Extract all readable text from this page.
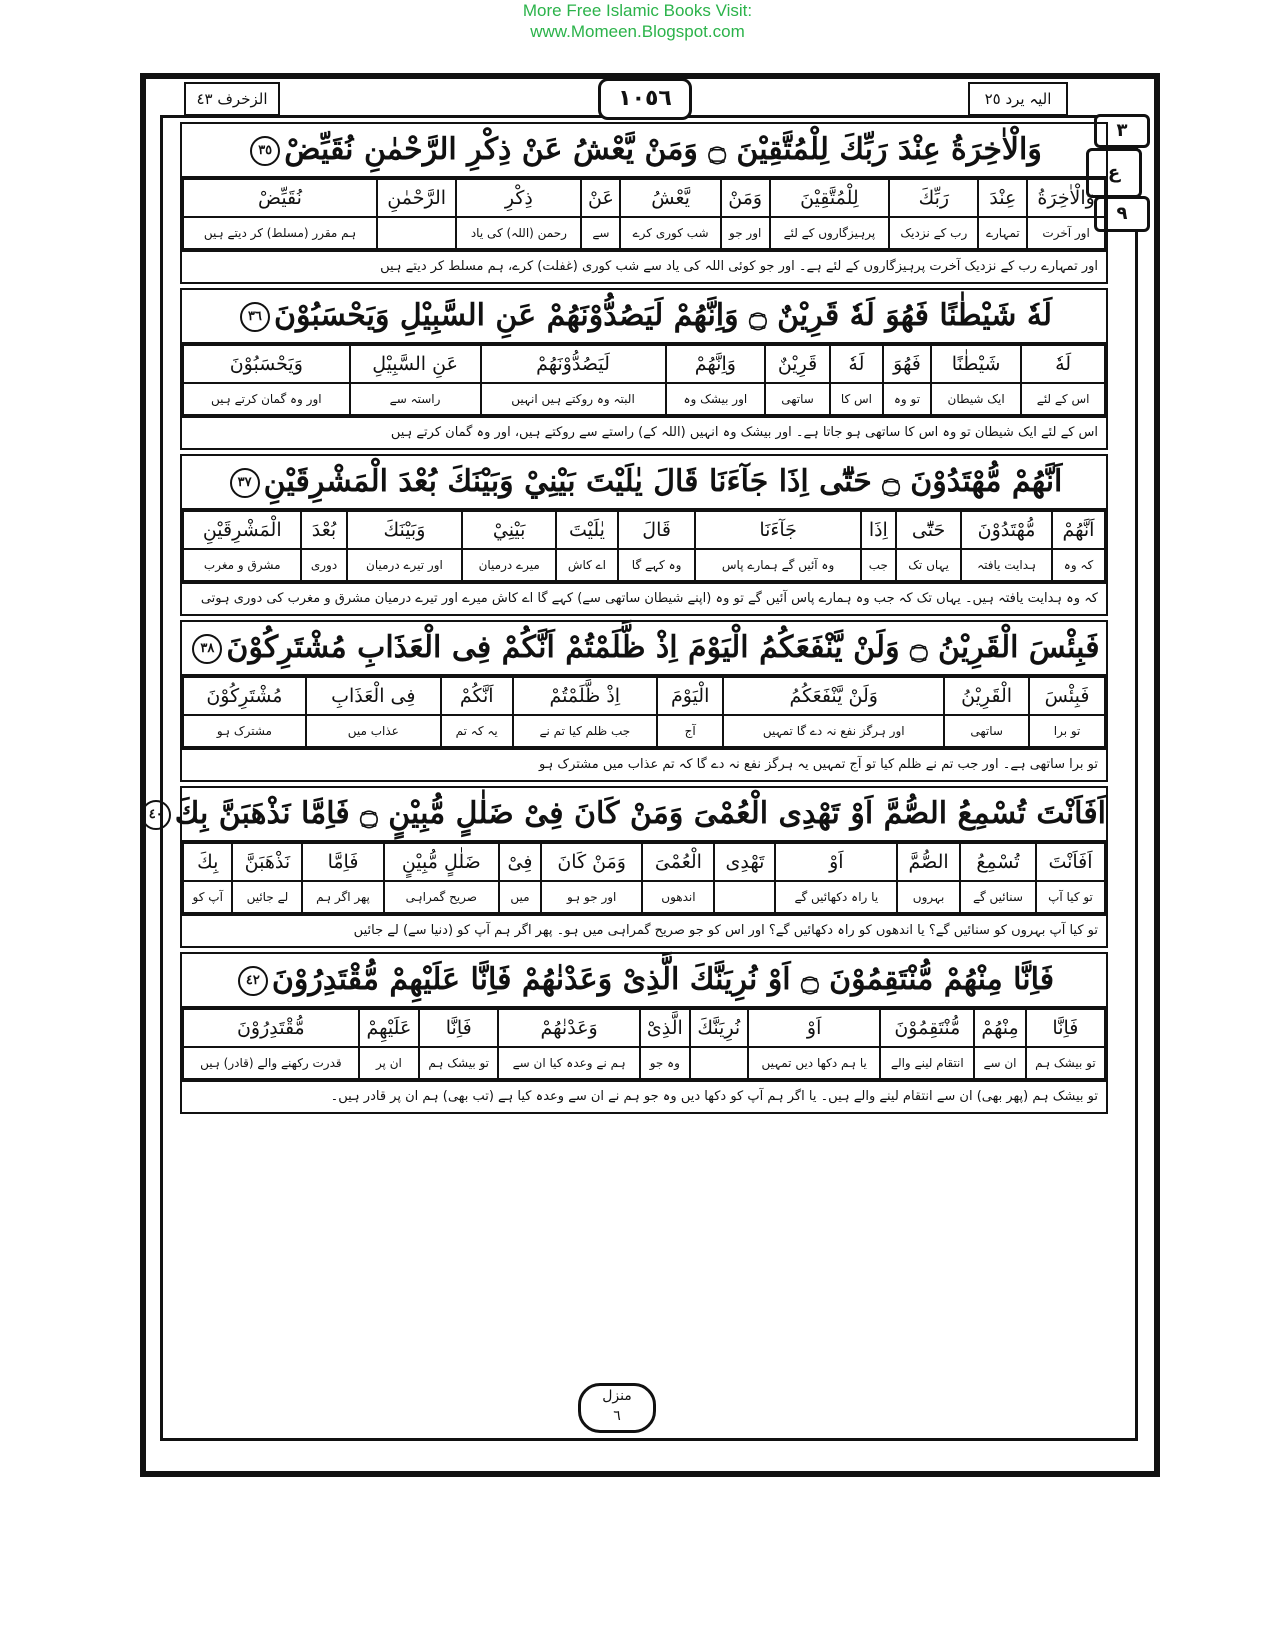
More Free Islamic Books Visit:
www.Momeen.Blogspot.com
الزخرف ٤٣	١٠٥٦	الیہ یرد ٢٥
٣
ع
٩
وَالْاٰخِرَةُ عِنْدَ رَبِّكَ لِلْمُتَّقِيْنَ ۝ وَمَنْ يَّعْشُ عَنْ ذِكْرِ الرَّحْمٰنِ نُقَيِّضْ٣٥
وَالْاٰخِرَةُ	عِنْدَ	رَبِّكَ	لِلْمُتَّقِيْنَ	وَمَنْ	يَّعْشُ	عَنْ	ذِكْرِ	الرَّحْمٰنِ	نُقَيِّضْ
اور آخرت	تمہارے	رب کے نزدیک	پرہیزگاروں کے لئے	اور جو	شب کوری کرے	سے	رحمن (اللہ) کی یاد		ہم مقرر (مسلط) کر دیتے ہیں
اور تمہارے رب کے نزدیک آخرت پرہیزگاروں کے لئے ہے۔ اور جو کوئی اللہ کی یاد سے شب کوری (غفلت) کرے، ہم مسلط کر دیتے ہیں
لَهٗ شَيْطٰنًا فَهُوَ لَهٗ قَرِيْنٌ ۝ وَاِنَّهُمْ لَيَصُدُّوْنَهُمْ عَنِ السَّبِيْلِ وَيَحْسَبُوْنَ٣٦
لَهٗ	شَيْطٰنًا	فَهُوَ	لَهٗ	قَرِيْنٌ	وَاِنَّهُمْ	لَيَصُدُّوْنَهُمْ	عَنِ السَّبِيْلِ	وَيَحْسَبُوْنَ
اس کے لئے	ایک شیطان	تو وہ	اس کا	ساتھی	اور بیشک وہ	البتہ وہ روکتے ہیں انہیں	راستہ سے	اور وہ گمان کرتے ہیں
اس کے لئے ایک شیطان تو وہ اس کا ساتھی ہو جاتا ہے۔ اور بیشک وہ انہیں (اللہ کے) راستے سے روکتے ہیں، اور وہ گمان کرتے ہیں
اَنَّهُمْ مُّهْتَدُوْنَ ۝ حَتّٰٓى اِذَا جَآءَنَا قَالَ يٰلَيْتَ بَيْنِيْ وَبَيْنَكَ بُعْدَ الْمَشْرِقَيْنِ٣٧
اَنَّهُمْ	مُّهْتَدُوْنَ	حَتّٰٓى	اِذَا	جَآءَنَا	قَالَ	يٰلَيْتَ	بَيْنِيْ	وَبَيْنَكَ	بُعْدَ	الْمَشْرِقَيْنِ
کہ وہ	ہدایت یافتہ	یہاں تک	جب	وہ آئیں گے ہمارے پاس	وہ کہے گا	اے کاش	میرے درمیان	اور تیرے درمیان	دوری	مشرق و مغرب
کہ وہ ہدایت یافتہ ہیں۔ یہاں تک کہ جب وہ ہمارے پاس آئیں گے تو وہ (اپنے شیطان ساتھی سے) کہے گا اے کاش میرے اور تیرے درمیان مشرق و مغرب کی دوری ہوتی
فَبِئْسَ الْقَرِيْنُ ۝ وَلَنْ يَّنْفَعَكُمُ الْيَوْمَ اِذْ ظَّلَمْتُمْ اَنَّكُمْ فِى الْعَذَابِ مُشْتَرِكُوْنَ٣٨
فَبِئْسَ	الْقَرِيْنُ	وَلَنْ يَّنْفَعَكُمُ	الْيَوْمَ	اِذْ ظَّلَمْتُمْ	اَنَّكُمْ	فِى الْعَذَابِ	مُشْتَرِكُوْنَ
تو برا	ساتھی	اور ہرگز نفع نہ دے گا تمہیں	آج	جب ظلم کیا تم نے	یہ کہ تم	عذاب میں	مشترک ہو
تو برا ساتھی ہے۔ اور جب تم نے ظلم کیا تو آج تمہیں یہ ہرگز نفع نہ دے گا کہ تم عذاب میں مشترک ہو
اَفَاَنْتَ تُسْمِعُ الصُّمَّ اَوْ تَهْدِى الْعُمْىَ وَمَنْ كَانَ فِىْ ضَلٰلٍ مُّبِيْنٍ ۝ فَاِمَّا نَذْهَبَنَّ بِكَ٤٠
اَفَاَنْتَ	تُسْمِعُ	الصُّمَّ	اَوْ	تَهْدِى	الْعُمْىَ	وَمَنْ كَانَ	فِىْ	ضَلٰلٍ مُّبِيْنٍ	فَاِمَّا	نَذْهَبَنَّ	بِكَ
تو کیا آپ	سنائیں گے	بہروں	یا راہ دکھائیں گے		اندھوں	اور جو ہو	میں	صریح گمراہی	پھر اگر ہم	لے جائیں	آپ کو
تو کیا آپ بہروں کو سنائیں گے؟ یا اندھوں کو راہ دکھائیں گے؟ اور اس کو جو صریح گمراہی میں ہو۔ پھر اگر ہم آپ کو (دنیا سے) لے جائیں
فَاِنَّا مِنْهُمْ مُّنْتَقِمُوْنَ ۝ اَوْ نُرِيَنَّكَ الَّذِىْ وَعَدْنٰهُمْ فَاِنَّا عَلَيْهِمْ مُّقْتَدِرُوْنَ٤٢
فَاِنَّا	مِنْهُمْ	مُّنْتَقِمُوْنَ	اَوْ	نُرِيَنَّكَ	الَّذِىْ	وَعَدْنٰهُمْ	فَاِنَّا	عَلَيْهِمْ	مُّقْتَدِرُوْنَ
تو بیشک ہم	ان سے	انتقام لینے والے	یا ہم دکھا دیں تمہیں		وہ جو	ہم نے وعدہ کیا ان سے	تو بیشک ہم	ان پر	قدرت رکھنے والے (قادر) ہیں
تو بیشک ہم (پھر بھی) ان سے انتقام لینے والے ہیں۔ یا اگر ہم آپ کو دکھا دیں وہ جو ہم نے ان سے وعدہ کیا ہے (تب بھی) ہم ان پر قادر ہیں۔
منزل
٦
